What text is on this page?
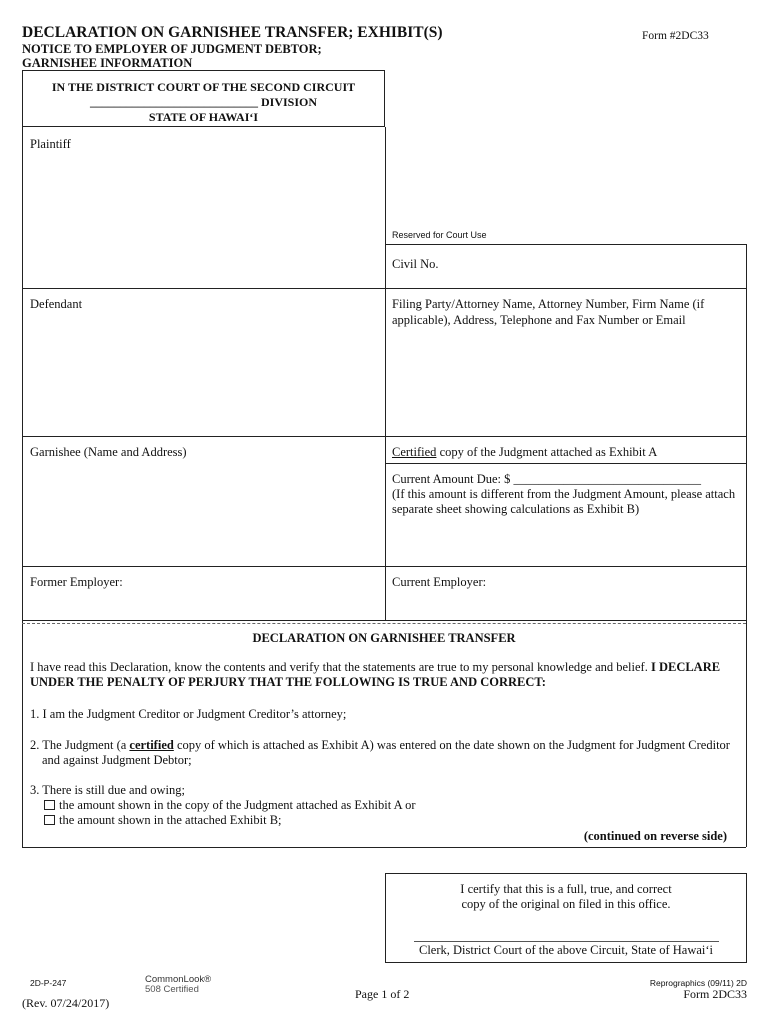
DECLARATION ON GARNISHEE TRANSFER; EXHIBIT(S)
NOTICE TO EMPLOYER OF JUDGMENT DEBTOR;
GARNISHEE INFORMATION
Form #2DC33
IN THE DISTRICT COURT OF THE SECOND CIRCUIT
____________________________ DIVISION
STATE OF HAWAI‘I
Plaintiff
Reserved for Court Use
Civil No.
Defendant	Filing Party/Attorney Name, Attorney Number, Firm Name (if applicable), Address, Telephone and Fax Number or Email
Garnishee (Name and Address)	Certified copy of the Judgment attached as Exhibit A
Current Amount Due: $ ______________________________
(If this amount is different from the Judgment Amount, please attach separate sheet showing calculations as Exhibit B)
Former Employer:	Current Employer:
DECLARATION ON GARNISHEE TRANSFER
I have read this Declaration, know the contents and verify that the statements are true to my personal knowledge and belief. I DECLARE UNDER THE PENALTY OF PERJURY THAT THE FOLLOWING IS TRUE AND CORRECT:
1. I am the Judgment Creditor or Judgment Creditor’s attorney;
2. The Judgment (a certified copy of which is attached as Exhibit A) was entered on the date shown on the Judgment for Judgment Creditor
and against Judgment Debtor;
3. There is still due and owing;
the amount shown in the copy of the Judgment attached as Exhibit A or
the amount shown in the attached Exhibit B;
(continued on reverse side)
I certify that this is a full, true, and correct
copy of the original on filed in this office.
Clerk, District Court of the above Circuit, State of Hawai‘i
2D-P-247
(Rev. 07/24/2017)
CommonLook®
508 Certified	Page 1 of 2
Reprographics (09/11) 2D
Form 2DC33
